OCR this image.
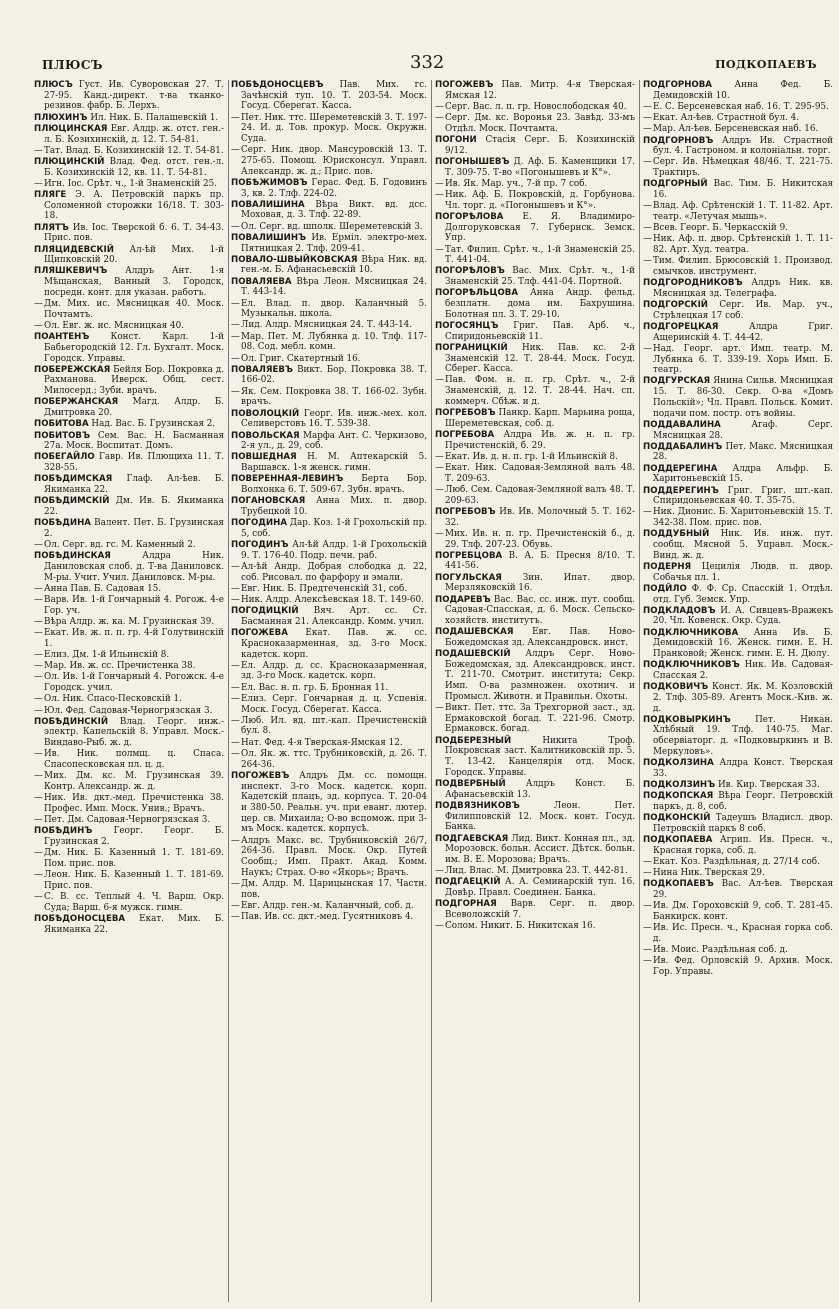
ПЛЮСЪ	332	ПОДКОПАЕВЪ
ПЛЮСЪ Густ. Ив. Суворовская 27. Т. 27-95. Канд.-директ. т-ва тканко-резинов. фабр. Б. Лерхъ.
ПЛЮХИНЪ Ил. Ник. Б. Палашевскій 1.
ПЛЮЦИНСКАЯ Евг. Алдр. ж. отст. ген.-л. Б. Козихинскій, д. 12. Т. 54-81.
—Тат. Влад. Б. Козихинскій 12. Т. 54-81.
ПЛЮЦИНСКІЙ Влад. Фед. отст. ген.-л. Б. Козихинскій 12, кв. 11. Т. 54-81.
—Игн. Іос. Срѣт. ч., 1-й Знаменскій 25.
ПЛЯГЕ Э. А. Петровскій паркъ пр. Соломенной сторожки 16/18. Т. 303-18.
ПЛЯТЪ Ив. Іос. Тверской б. 6. Т. 34-43. Прис. пов.
ПЛЯЦИДЕВСКІЙ Ал-ѣй Мих. 1-й Щипковскій 20.
ПЛЯШКЕВИЧЪ Алдръ Ант. 1-я Мѣщанская, Ванный 3. Городск, посредн. конт. для указан. работъ.
—Дм. Мих. ис. Мясницкая 40. Моск. Почтамтъ.
—Ол. Евг. ж. ис. Мясницкая 40.
ПОАНТЕНЪ Конст. Карл. 1-й Бабьегородскій 12. Гл. Бухгалт. Моск. Городск. Управы.
ПОБЕРЕЖСКАЯ Бейля Бор. Покровка д. Рахманова. Иверск. Общ. сест. Милосерд.; Зуби. врачъ.
ПОБЕРЖАНСКАЯ Магд. Алдр. Б. Дмитровка 20.
ПОБИТОВА Над. Вас. Б. Грузинская 2.
ПОБИТОВЪ Сем. Вас. Н. Басманная 27а. Моск. Воспитат. Домъ.
ПОБЕГАЙЛО Гавр. Ив. Плющиха 11. Т. 328-55.
ПОБѢДИМСКАЯ Глаф. Ал-ѣев. Б. Якиманка 22.
ПОБѢДИМСКІЙ Дм. Ив. Б. Якиманка 22.
ПОБѢДИНА Валент. Пет. Б. Грузинская 2.
—Ол. Серг. вд. гс. М. Каменный 2.
ПОБѢДИНСКАЯ	Алдра Ник. Даниловская слоб. д. Т-ва Даниловск. М-ры. Учит. Учил. Даниловск. М-ры.
—Анна Пав. Б. Садовая 15.
—Варв. Ив. 1-й Гончарный 4. Рогож. 4-е Гор. уч.
—Вѣра Алдр. ж. ка. М. Грузинская 39.
—Екат. Ив. ж. п. п. гр. 4-й Голутвинскій 1.
—Елиз. Дм. 1-й Ильинскій 8.
—Мар. Ив. ж. сс. Пречистенка 38.
—Ол. Ив. 1-й Гончарный 4. Рогожск. 4-е Городск. учил.
—Ол. Ник. Спасо-Песковскій 1.
—Юл. Фед. Садовая-Черногрязская 3.
ПОБѢДИНСКІЙ Влад. Георг. инж.-электр. Капельскій 8. Управл. Моск.-Виндаво-Рыб. ж. д.
—Ив. Ник. полмщ. ц. Спаса. Спасопесковская пл. ц. д.
—Мих. Дм. кс. М. Грузинская 39. Контр. Александр. ж. д.
—Ник. Ив. дкт.-мед. Пречистенка 38. Профес. Имп. Моск. Унив.; Врачъ.
—Пет. Дм. Садовая-Черногрязская 3.
ПОБѢДИНЪ Георг. Георг. Б. Грузинская 2.
—Дм. Ник. Б. Казенный 1. Т. 181-69. Пом. прис. пов.
—Леон. Ник. Б. Казенный 1. Т. 181-69. Прис. пов.
—С. В. сс. Теплый 4. Ч. Варш. Окр. Суда; Варш. 6-я мужск. гимн.
ПОБѢДОНОСЦЕВА Екат. Мих. Б. Якиманка 22.
ПОБѢДОНОСЦЕВЪ Пав. Мих. гс. Зачѣнскій туп. 10. Т. 203-54. Моск. Госуд. Сберегат. Касса.
—Пет. Ник. ттс. Шереметевскій 3. Т. 197-24. И. д. Тов. прокур. Моск. Окружн. Суда.
—Серг. Ник. двор. Мансуровскій 13. Т. 275-65. Помощ. Юрисконсул. Управл. Александр. ж. д.; Прис. пов.
ПОБѢЖИМОВЪ Герас. Фед. Б. Годовинъ 3, кв. 2. Тлф. 224-02.
ПОВАЛИШИНА Вѣра Викт. вд. дсс. Моховая, д. 3. Тлф. 22-89.
—Ол. Серг. вд. шполк. Шереметевскій 3.
ПОВАЛИШИНЪ Ив. Ерміл. электро-мех. Пятницкая 2. Тлф. 209-41.
ПОВАЛО-ШВЫЙКОВСКАЯ Вѣра Ник. вд. ген.-м. Б. Афанасьевскій 10.
ПОВАЛЯЕВА Вѣра Леон. Мясницкая 24. Т. 443-14.
—Ел. Влад. п. двор. Каланчный 5. Музыкальн. школа.
—Лид. Алдр. Мясницкая 24. Т. 443-14.
—Мар. Пет. М. Лубянка д. 10. Тлф. 117-08. Сод. мебл. комн.
—Ол. Григ. Скатертный 16.
ПОВАЛЯЕВЪ Викт. Бор. Покровка 38. Т. 166-02.
—Як. Сем. Покровка 38. Т. 166-02. Зубн. врачъ.
ПОВОЛОЦКІЙ Георг. Ив. инж.-мех. кол. Селиверстовъ 16. Т. 539-38.
ПОВОЛЬСКАЯ Марфа Ант. С. Черкизово, 2-я ул., д. 29, соб.
ПОВШЕДНАЯ Н. М. Аптекарскій 5. Варшавск. 1-я женск. гимн.
ПОВЕРЕННАЯ-ЛЕВИНЪ Берта Бор. Волхонка 6. Т. 509-67. Зубн. врачъ.
ПОГАНОВСКАЯ Анна Мих. п. двор. Трубецкой 10.
ПОГОДИНА Дар. Коз. 1-й Грохольскій пр. 5, соб.
ПОГОДИНЪ Ал-ѣй Алдр. 1-й Грохольскій 9. Т. 176-40. Подр. печн. раб.
—Ал-ѣй Андр. Добрая слободка д. 22, соб. Рисовал. по фарфору и эмали.
—Евг. Ник. Б. Предтеченскій 31, соб.
—Ник. Алдр. Алексѣевская 18. Т. 149-60.
ПОГОДИЦКІЙ Вяч. Арт. сс. Ст. Басманная 21. Александр. Комм. учил.
ПОГОЖЕВА Екат. Пав. ж. сс. Красноказарменная, зд. 3-го Моск. кадетск. корп.
—Ел. Алдр. д. сс. Красноказарменная, зд. 3-го Моск. кадетск. корп.
—Ел. Вас. н. п. гр. Б. Бронная 11.
—Елиз. Серг. Гончарная д. ц. Успенія. Моск. Госуд. Сберегат. Касса.
—Люб. Ил. вд. шт.-кап. Пречистенскій бул. 8.
—Нат. Фед. 4-я Тверская-Ямская 12.
—Ол. Як. ж. ттс. Трубниковскій, д. 26. Т. 264-36.
ПОГОЖЕВЪ Алдръ Дм. сс. помощн. инспект. 3-го Моск. кадетск. корп. Кадетскій плацъ, зд. корпуса. Т. 20-04 и 380-50. Реальн. уч. при еванг. лютер. цер. св. Михаила; О-во вспомож. при 3-мъ Моск. кадетск. корпусѣ.
—Алдръ Макс. вс. Трубниковскій 26/7, 264-36. Правл. Моск. Окр. Путей Сообщ.; Имп. Практ. Акад. Комм. Наукъ; Страх. О-во «Якорь»; Врачъ.
—Дм. Алдр. М. Царицынская 17. Частн. пов.
—Евг. Алдр. ген.-м. Каланчный, соб. д.
—Пав. Ив. сс. дкт.-мед. Гусятниковъ 4.
ПОГОЖЕВЪ Пав. Митр. 4-я Тверская-Ямская 12.
—Серг. Вас. л. п. гр. Новослободская 40.
—Серг. Дм. кс. Воронья 23. Завѣд. 33-мъ Отдѣл. Моск. Почтамта.
ПОГОНИ Стасія Серг. Б. Козихинскій 9/12.
ПОГОНЫШЕВЪ Д. Аф. Б. Каменщики 17. Т. 309-75. Т-во «Погонышевъ и К°».
—Ив. Як. Мар. уч., 7-й пр. 7 соб.
—Ник. Аф. Б. Покровскій, д. Горбунова. Чл. торг. д. «Погонышевъ и К°».
ПОГОРѢЛОВА Е. Я. Владимиро-Долгоруковская 7. Губернск. Земск. Упр.
—Тат. Филип. Срѣт. ч., 1-й Знаменскій 25. Т. 441-04.
ПОГОРѢЛОВЪ Вас. Мих. Срѣт. ч., 1-й Знаменскій 25. Тлф. 441-04. Портной.
ПОГОРѢЛЬЦОВА Анна Андр. фельд. безплатн. дома им. Бахрушина. Болотная пл. 3. Т. 29-10.
ПОГОСЯНЦЪ Григ. Пав. Арб. ч., Спиридоньевскій 11.
ПОГРАНИЦКІЙ Ник. Пав. кс. 2-й Знаменскій 12. Т. 28-44. Моск. Госуд. Сберег. Касса.
—Пав. Фом. н. п. гр. Срѣт. ч., 2-й Знаменскій, д. 12. Т. 28-44. Нач. сп. коммерч. Сбѣж. и д.
ПОГРЕБОВЪ Панкр. Карп. Марьина роща, Шереметевская, соб. д.
ПОГРЕБОВА Алдра Ив. ж. н. п. гр. Пречистенскій, б. 29.
—Екат. Ив. д. н. п. гр. 1-й Ильинскій 8.
—Екат. Ник. Садовая-Земляной валъ 48. Т. 209-63.
—Люб. Сем. Садовая-Земляной валъ 48. Т. 209-63.
ПОГРЕБОВЪ Ив. Ив. Молочный 5. Т. 162-32.
—Мих. Ив. н. п. гр. Пречистенскій б., д. 29. Тлф. 207-23. Обувь.
ПОГРЕБЦОВА В. А. Б. Пресня 8/10. Т. 441-56.
ПОГУЛЬСКАЯ Зин. Ипат. двор. Мерзляковскій 16.
ПОДАРЕВЪ Вас. Вас. сс. инж. пут. сообщ. Садовая-Спасская, д. 6. Моск. Сельско-хозяйств. институтъ.
ПОДАШЕВСКАЯ Евг. Пав. Ново-Божедомская зд. Александровск. инст.
ПОДАШЕВСКІЙ Алдръ Серг. Ново-Божедомская, зд. Александровск. инст. Т. 211-70. Смотрит. института; Секр. Имп. О-ва размножен. охотнич. и Промысл. Животн. и Правильн. Охоты.
—Викт. Пет. ттс. За Трехгорной заст., зд. Ермаковской богад. Т. 221-96. Смотр. Ермаковск. богад.
ПОДБЕРЕЗНЫЙ	Никита Троф. Покровская заст. Калитниковскій пр. 5. Т. 13-42. Канцелярія отд. Моск. Городск. Управы.
ПОДВЕРБНЫЙ Алдръ Конст. Б. Афанасьевскій 13.
ПОДВЯЗНИКОВЪ	Леон. Пет. Филипповскій 12. Моск. конт. Госуд. Банка.
ПОДГАЕВСКАЯ Лид. Викт. Конная пл., зд. Морозовск. больн. Ассист. Дѣтск. больн. им. В. Е. Морозова; Врачъ.
—Лид. Влас. М. Дмитровка 23. Т. 442-81.
ПОДГАЕЦКІЙ А. А. Семинарскій туп. 16. Довѣр. Правл. Соединен. Банка.
ПОДГОРНАЯ Варв. Серг. п. двор. Всеволожскій 7.
—Солом. Никит. Б. Никитская 16.
ПОДГОРНОВА	Анна Фед. Б. Демидовскій 10.
—Е. С. Берсеневская наб. 16. Т. 295-95.
—Екат. Ал-ѣев. Страстной бул. 4.
—Мар. Ал-ѣев. Берсеневская наб. 16.
ПОДГОРНОВЪ Алдръ Ив. Страстной бул. 4. Гастроном. и колоніальн. торг.
—Серг. Ив. Нѣмецкая 48/46. Т. 221-75. Трактиръ.
ПОДГОРНЫЙ Вас. Тим. Б. Никитская 16.
—Влад. Аф. Срѣтенскій 1. Т. 11-82. Арт. театр. «Летучая мышь».
—Всев. Георг. Б. Черкасскій 9.
—Ник. Аф. п. двор. Срѣтенскій 1. Т. 11-82. Арт. Худ. театра.
—Тим. Филип. Брюсовскій 1. Производ. смычков. инструмент.
ПОДГОРОДНИКОВЪ Алдръ Ник. кв. Мясницкая зд. Телеграфа.
ПОДГОРСКІЙ Серг. Ив. Мар. уч., Стрѣлецкая 17 соб.
ПОДГОРЕЦКАЯ	Алдра Григ. Ащеринскій 4. Т. 44-42.
—Над. Георг. арт. Имп. театр. М. Лубянка 6. Т. 339-19. Хорь Имп. Б. театр.
ПОДГУРСКАЯ Янина Сильв. Мясницкая 15. Т. 86-30. Секр. О-ва «Домъ Польскій»; Чл. Правл. Польск. Комит. подачи пом. постр. отъ войны.
ПОДДАВАЛИНА	Агаф. Серг. Мясницкая 28.
ПОДДАБАЛИНЪ Пет. Макс. Мясницкая 28.
ПОДДЕРЕГИНА Алдра Альфр. Б. Харитоньевскій 15.
ПОДДЕРЕГИНЪ Григ. Григ. шт.-кап. Спиридоньевская 40. Т. 35-75.
—Ник. Дионис. Б. Харитоньевскій 15. Т. 342-38. Пом. прис. пов.
ПОДДУБНЫЙ Ник. Ив. инж. пут. сообщ. Мясной 5. Управл. Моск.-Винд. ж. д.
ПОДЕРНЯ Цецилія Людв. п. двор. Собачья пл. 1.
ПОДЙЛО Ф. Ф. Ср. Спасскій 1. Отдѣл. отд. Губ. Земск. Упр.
ПОДКЛАДОВЪ И. А. Сивцевъ-Вражекъ 20. Чл. Ковенск. Окр. Суда.
ПОДКЛЮЧНИКОВА Анна Ив. Б. Демидовскій 16. Женск. гимн. Е. Н. Пранковой; Женск. гимн. Е. Н. Дюлу.
ПОДКЛЮЧНИКОВЪ Ник. Ив. Садовая-Спасская 2.
ПОДКОВИЧЪ Конст. Як. М. Козловскій 2. Тлф. 305-89. Агентъ Моск.-Кив. ж. д.
ПОДКОВЫРКИНЪ	Пет. Никан. Хлѣбный 19. Тлф. 140-75. Маг. обсервіаторг. д. «Подковыркинъ и В. Меркуловъ».
ПОДКОЛЗИНА Алдра Конст. Тверская 33.
ПОДКОЛЗИНЪ Ив. Кир. Тверская 33.
ПОДКОПСКАЯ Вѣра Георг. Петровскій паркъ, д. 8, соб.
ПОДКОНСКІЙ Тадеушъ Владисл. двор. Петровскій паркъ 8 соб.
ПОДКОПАЕВА Агрип. Ив. Пресн. ч., Красная горка, соб. д.
—Екат. Коз. Раздѣльная, д. 27/14 соб.
—Нина Ник. Тверская 29.
ПОДКОПАЕВЪ Вас. Ал-ѣев. Тверская 29.
—Ив. Дм. Гороховскій 9, соб. Т. 281-45. Банкирск. конт.
—Ив. Ис. Пресн. ч., Красная горка соб. д.
—Ив. Моис. Раздѣльная соб. д.
—Ив. Фед. Орловскій 9. Архив. Моск. Гор. Управы.
